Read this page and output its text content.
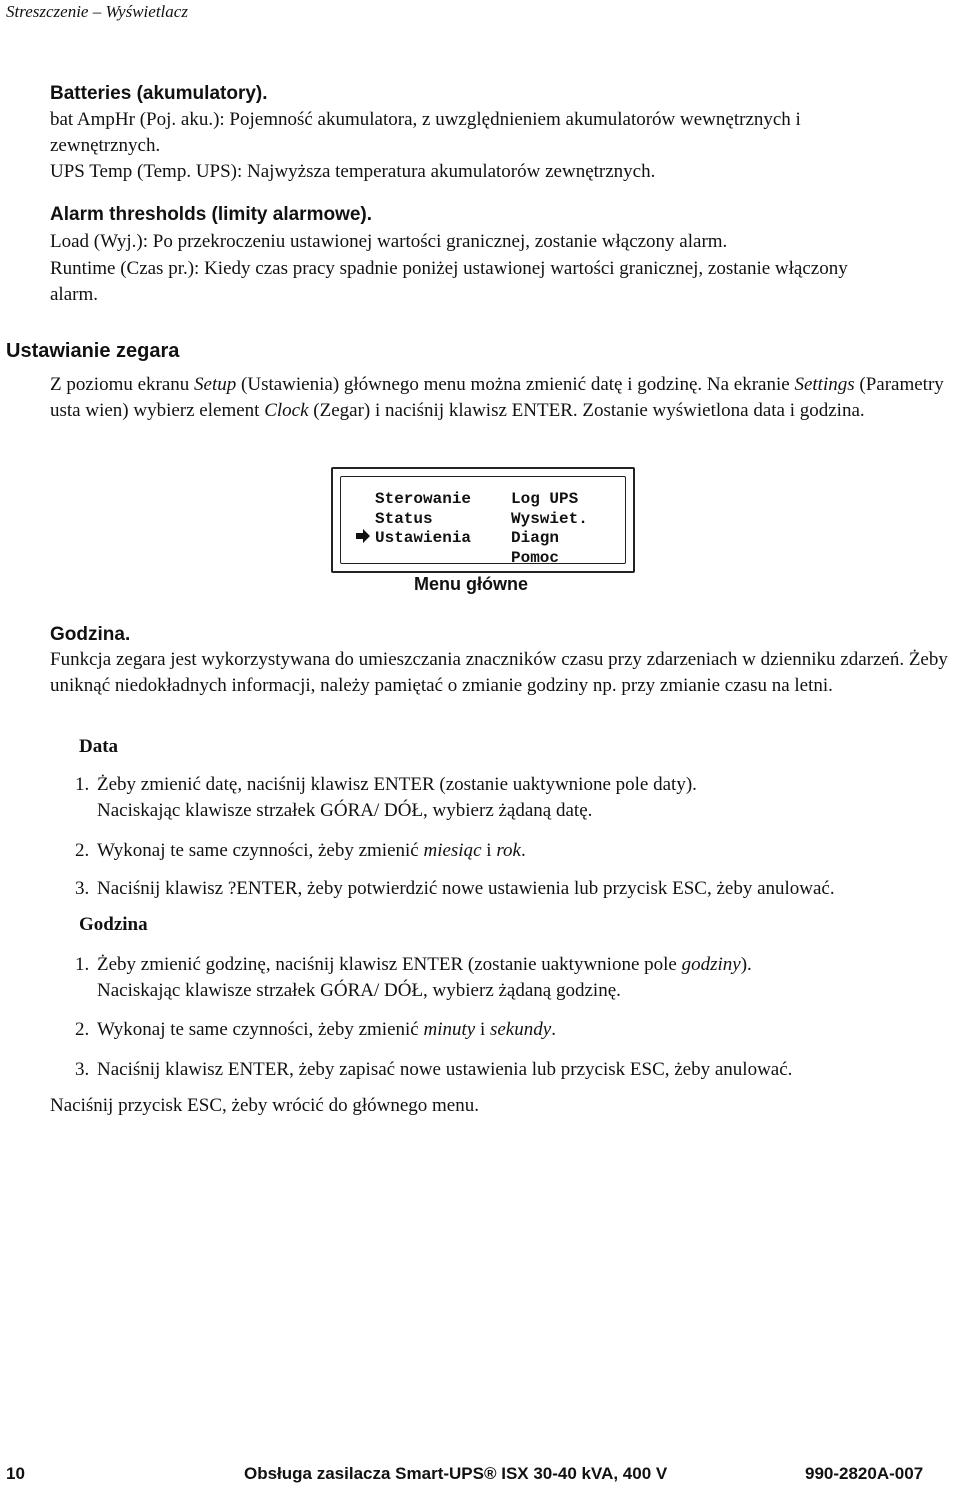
Streszczenie – Wyświetlacz
Batteries (akumulatory).
bat AmpHr (Poj. aku.): Pojemność akumulatora, z uwzględnieniem akumulatorów wewnętrznych i
zewnętrznych.
UPS Temp (Temp. UPS): Najwyższa temperatura akumulatorów zewnętrznych.
Alarm thresholds (limity alarmowe).
Load (Wyj.): Po przekroczeniu ustawionej wartości granicznej, zostanie włączony alarm.
Runtime (Czas pr.): Kiedy czas pracy spadnie poniżej ustawionej wartości granicznej, zostanie włączony
alarm.
Ustawianie zegara
Z poziomu ekranu Setup (Ustawienia) głównego menu można zmienić datę i godzinę. Na ekranie Settings (Parametry usta wien) wybierz element Clock (Zegar) i naciśnij klawisz ENTER. Zostanie wyświetlona data i godzina.
Sterowanie
Status
Ustawienia
Log UPS
Wyswiet.
Diagn
Pomoc
Menu główne
Godzina.
Funkcja zegara jest wykorzystywana do umieszczania znaczników czasu przy zdarzeniach w dzienniku zdarzeń. Żeby uniknąć niedokładnych informacji, należy pamiętać o zmianie godziny np. przy zmianie czasu na letni.
Data
1. Żeby zmienić datę, naciśnij klawisz ENTER (zostanie uaktywnione pole daty).
Naciskając klawisze strzałek GÓRA/ DÓŁ, wybierz żądaną datę.
2. Wykonaj te same czynności, żeby zmienić miesiąc i rok.
3. Naciśnij klawisz ?ENTER, żeby potwierdzić nowe ustawienia lub przycisk ESC, żeby anulować.
Godzina
1. Żeby zmienić godzinę, naciśnij klawisz ENTER (zostanie uaktywnione pole godziny).
Naciskając klawisze strzałek GÓRA/ DÓŁ, wybierz żądaną godzinę.
2. Wykonaj te same czynności, żeby zmienić minuty i sekundy.
3. Naciśnij klawisz ENTER, żeby zapisać nowe ustawienia lub przycisk ESC, żeby anulować.
Naciśnij przycisk ESC, żeby wrócić do głównego menu.
10	Obsługa zasilacza Smart-UPS® ISX 30-40 kVA, 400 V	990-2820A-007
